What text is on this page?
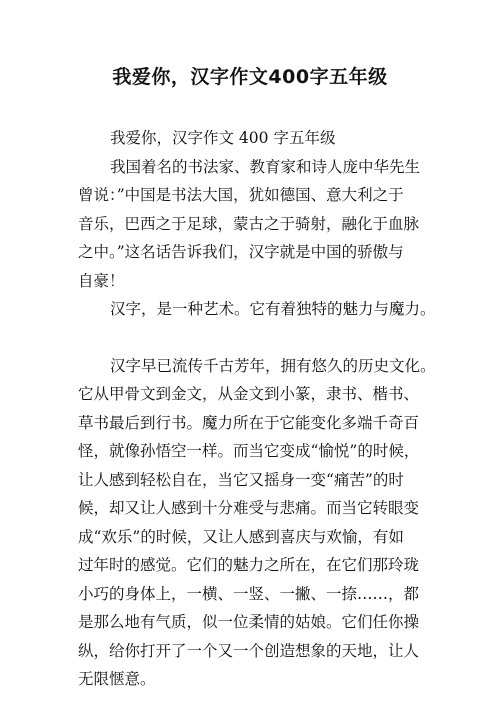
我爱你，汉字作文400字五年级
我爱你，汉字作文 400 字五年级
我国着名的书法家、教育家和诗人庞中华先生
曾说：”中国是书法大国，犹如德国、意大利之于
音乐，巴西之于足球，蒙古之于骑射，融化于血脉
之中。”这名话告诉我们，汉字就是中国的骄傲与
自豪！
汉字，是一种艺术。它有着独特的魅力与魔力。
汉字早已流传千古芳年，拥有悠久的历史文化。
它从甲骨文到金文，从金文到小篆，隶书、楷书、
草书最后到行书。魔力所在于它能变化多端千奇百
怪，就像孙悟空一样。而当它变成“愉悦”的时候，
让人感到轻松自在，当它又摇身一变“痛苦”的时
候，却又让人感到十分难受与悲痛。而当它转眼变
成“欢乐”的时候，又让人感到喜庆与欢愉，有如
过年时的感觉。它们的魅力之所在，在它们那玲珑
小巧的身体上，一横、一竖、一撇、一捺……，都
是那么地有气质，似一位柔情的姑娘。它们任你操
纵，给你打开了一个又一个创造想象的天地，让人
无限惬意。
